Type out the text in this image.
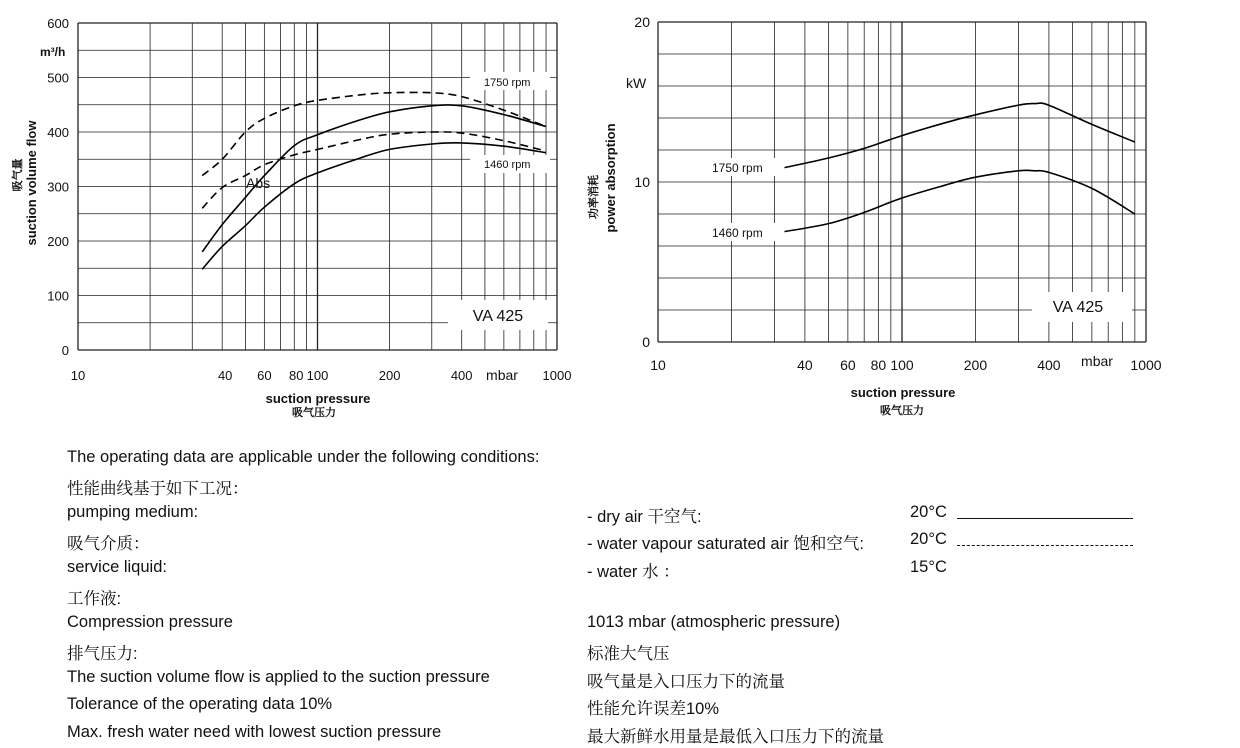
10	40 60 80 100	200	400	1000
0
100
200
300
400
500
600
m³/h
suction volume flow
吸气量
mbar
suction pressure
吸气压力
VA 425
1750 rpm
1460 rpm
Abs
10	40 60 80 100	200	400	1000
0
10
20
kW
power absorption
功率消耗
mbar
suction pressure
吸气压力
VA 425
1750 rpm
1460 rpm
The operating data are applicable under the following conditions:
性能曲线基于如下工况：
pumping medium:
吸气介质：
- dry air 干空气:	20°C
- water vapour saturated air 饱和空气:	20°C
service liquid:
工作液:
- water 水 ：	15°C
Compression pressure
排气压力:
1013 mbar (atmospheric pressure)
标准大气压
The suction volume flow is applied to the suction pressure	吸气量是入口压力下的流量
Tolerance of the operating data 10%	性能允许误差10%
Max. fresh water need with lowest suction pressure	最大新鲜水用量是最低入口压力下的流量
